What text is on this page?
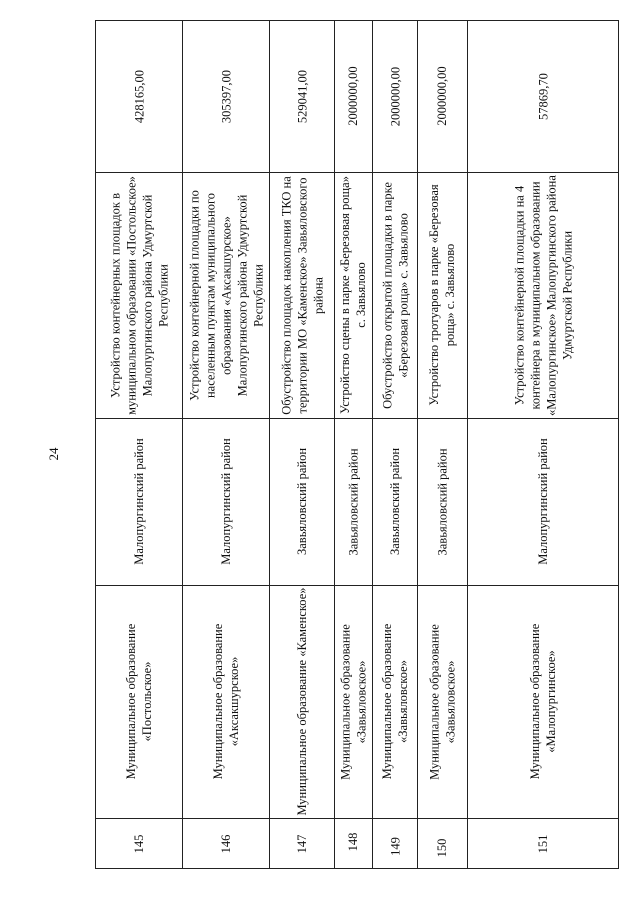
24
145
Муниципальное образование «Постольское»
Малопургинский район
Устройство контейнерных площадок в муниципальном образовании «Постольское» Малопургинского района Удмуртской Республики
428165,00
146
Муниципальное образование «Аксакшурское»
Малопургинский район
Устройство контейнерной площадки по населенным пунктам муниципального образования «Аксакшурское» Малопургинского района Удмуртской Республики
305397,00
147
Муниципальное образование «Каменское»
Завьяловский район
Обустройство площадок накопления ТКО на территории МО «Каменское» Завьяловского района
529041,00
148
Муниципальное образование «Завьяловское»
Завьяловский район
Устройство сцены в парке «Березовая роща» с. Завьялово
2000000,00
149
Муниципальное образование «Завьяловское»
Завьяловский район
Обустройство открытой площадки в парке «Березовая роща» с. Завьялово
2000000,00
150
Муниципальное образование «Завьяловское»
Завьяловский район
Устройство тротуаров в парке «Березовая роща» с. Завьялово
2000000,00
151
Муниципальное образование «Малопургинское»
Малопургинский район
Устройство контейнерной площадки на 4 контейнера в муниципальном образовании «Малопургинское» Малопургинского района Удмуртской Республики
57869,70
